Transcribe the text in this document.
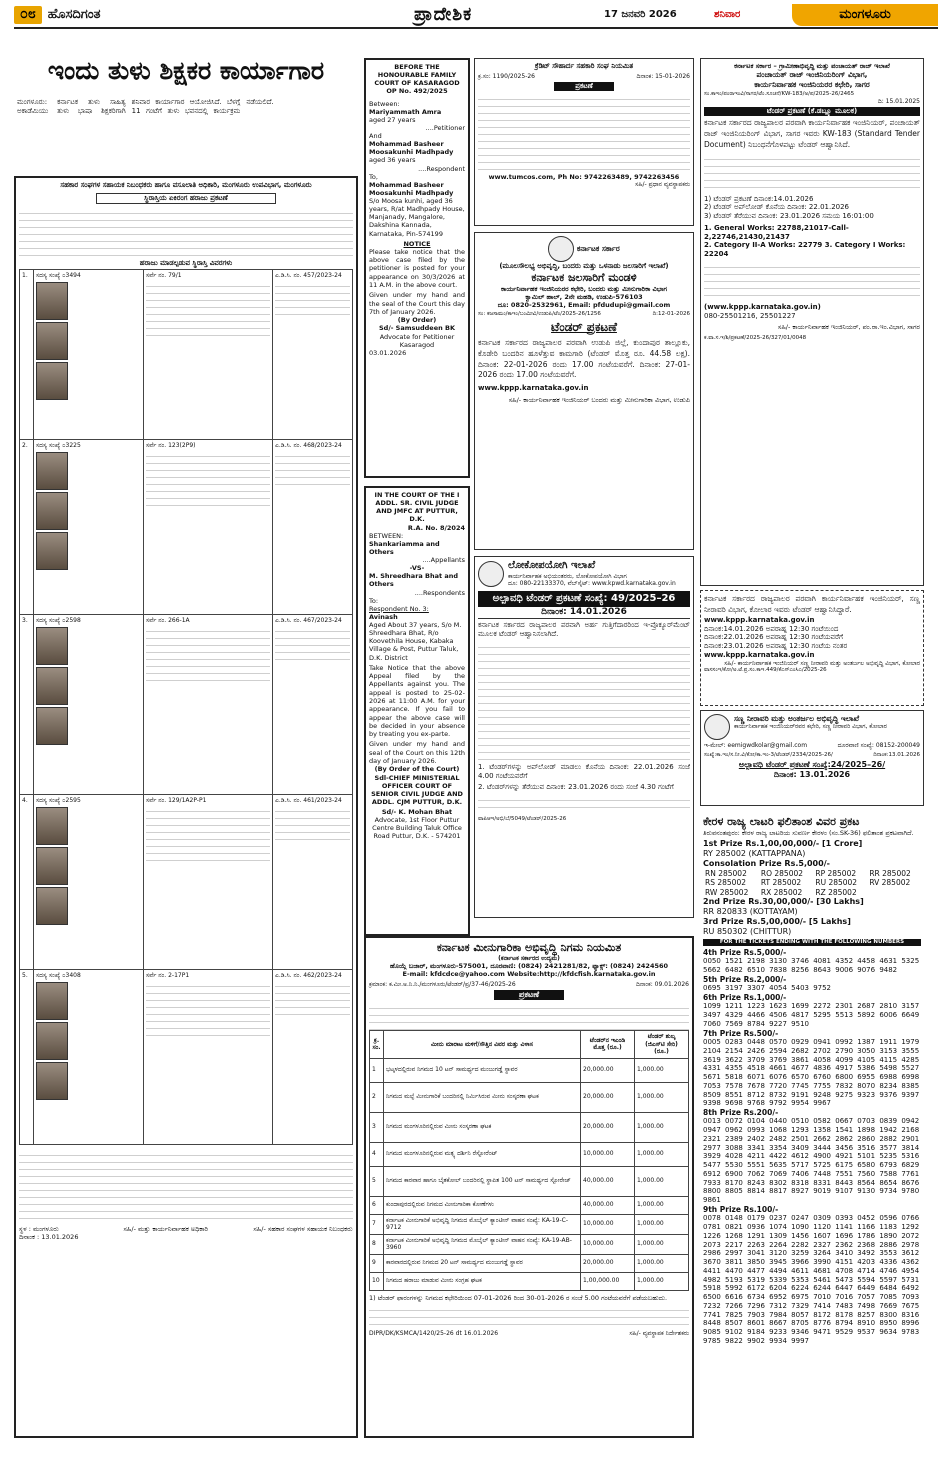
೦೮ ಹೊಸದಿಗಂತ	ಪ್ರಾದೇಶಿಕ	17 ಜನವರಿ 2026	ಶನಿವಾರ	ಮಂಗಳೂರು
ಇಂದು ತುಳು ಶಿಕ್ಷಕರ ಕಾರ್ಯಾಗಾರ
ಮಂಗಳೂರು: ಕರ್ನಾಟಕ ತುಳು ಸಾಹಿತ್ಯ ಅಕಾಡೆಮಿಯು ತುಳು ಭಾಷಾ ಶಿಕ್ಷಕರಿಗಾಗಿ ಶನಿವಾರ ಕಾರ್ಯಾಗಾರ ಆಯೋಜಿಸಿದೆ. ಬೆಳಗ್ಗೆ 11 ಗಂಟೆಗೆ ತುಳು ಭವನದಲ್ಲಿ ಕಾರ್ಯಕ್ರಮ ನಡೆಯಲಿದೆ.
ಸಹಕಾರ ಸಂಘಗಳ ಸಹಾಯಕ ನಿಬಂಧಕರು ಹಾಗೂ ವಸೂಲಾತಿ ಅಧಿಕಾರಿ, ಮಂಗಳೂರು ಉಪವಿಭಾಗ, ಮಂಗಳೂರು
ಸ್ಥಿರಾಸ್ತಿಯ ಏಕಿರಂಗ ಹರಾಜು ಪ್ರಕಟಣೆ
ಹರಾಜು ಮಾಡಲ್ಪಡುವ ಸ್ಥಿರಾಸ್ತಿ ವಿವರಗಳು
1.	ಸದಸ್ಯ ಸಂಖ್ಯೆ ೦3494	ಸರ್ವೆ ನಂ. 79/1	ಎ.ಡಿ.ಸಿ. ನಂ. 457/2023-24

2.	ಸದಸ್ಯ ಸಂಖ್ಯೆ ೦3225	ಸರ್ವೆ ನಂ. 123(2P9)	ಎ.ಡಿ.ಸಿ. ನಂ. 468/2023-24

3.	ಸದಸ್ಯ ಸಂಖ್ಯೆ ೦2598	ಸರ್ವೆ ನಂ. 266-1A	ಎ.ಡಿ.ಸಿ. ನಂ. 467/2023-24

4.	ಸದಸ್ಯ ಸಂಖ್ಯೆ ೦2595	ಸರ್ವೆ ನಂ. 129/1A2P-P1	ಎ.ಡಿ.ಸಿ. ನಂ. 461/2023-24

5.	ಸದಸ್ಯ ಸಂಖ್ಯೆ ೦3408	ಸರ್ವೆ ನಂ. 2-17P1	ಎ.ಡಿ.ಸಿ. ನಂ. 462/2023-24
ಸ್ಥಳ : ಮಂಗಳೂರು
ದಿನಾಂಕ : 13.01.2026
ಸಹಿ/- ಮತ್ತು ಕಾರ್ಯನಿರ್ವಾಹಕ ಅಧಿಕಾರಿ	ಸಹಿ/- ಸಹಕಾರ ಸಂಘಗಳ ಸಹಾಯಕ ನಿಬಂಧಕರು
BEFORE THE HONOURABLE FAMILY COURT OF KASARAGOD
OP No. 492/2025
Between:
Mariyammath Amra
aged 27 years
....Petitioner
And
Mohammad Basheer Moosakunhi Madhpady
aged 36 years
....Respondent
To,
Mohammad Basheer Moosakunhi Madhpady
S/o Moosa kunhi, aged 36 years, R/at Madhpady House, Manjanady, Mangalore, Dakshina Kannada, Karnataka, Pin-574199
NOTICE
Please take notice that the above case filed by the petitioner is posted for your appearance on 30/3/2026 at 11 A.M. in the above court.
Given under my hand and the seal of the Court this day 7th of January 2026.
(By Order)
Sd/- Samsuddeen BK
Advocate for Petitioner Kasaragod
03.01.2026
IN THE COURT OF THE I ADDL. SR. CIVIL JUDGE AND JMFC AT PUTTUR, D.K.
R.A. No. 8/2024
BETWEEN:
Shankariamma and Others
....Appellants
-VS-
M. Shreedhara Bhat and Others
....Respondents
To:
Respondent No. 3:
Avinash
Aged About 37 years, S/o M. Shreedhara Bhat, R/o Koovethila House, Kabaka Village & Post, Puttur Taluk, D.K. District
Take Notice that the above Appeal filed by the Appellants against you. The appeal is posted to 25-02-2026 at 11:00 A.M. for your appearance. If you fail to appear the above case will be decided in your absence by treating you ex-parte.
Given under my hand and seal of the Court on this 12th day of January 2026.
(By Order of the Court)
Sdl-CHIEF MINISTERIAL OFFICER COURT OF SENIOR CIVIL JUDGE AND ADDL. CJM PUTTUR, D.K.
Sd/- K. Mohan Bhat
Advocate, 1st Floor Puttur Centre Building Taluk Office Road Puttur, D.K. - 574201
ಕ್ರೆಡಿಟ್ ಸೌಹಾರ್ದ ಸಹಕಾರಿ ಸಂಘ ನಿಯಮಿತ
ಕ್ರ.ಸಂ: 1190/2025-26	ದಿನಾಂಕ: 15-01-2026
ಪ್ರಕಟಣೆ
www.tumcos.com, Ph No: 9742263489, 9742263456
ಸಹಿ/- ಪ್ರಧಾನ ವ್ಯವಸ್ಥಾಪಕರು
ಕರ್ನಾಟಕ ಸರ್ಕಾರ
(ಮೂಲಸೌಲಭ್ಯ ಅಭಿವೃದ್ಧಿ, ಬಂದರು ಮತ್ತು ಒಳನಾಡು ಜಲಸಾರಿಗೆ ಇಲಾಖೆ)
ಕರ್ನಾಟಕ ಜಲಸಾರಿಗೆ ಮಂಡಳಿ
ಕಾರ್ಯನಿರ್ವಾಹಕ ಇಂಜಿನಿಯರರ ಕಛೇರಿ, ಬಂದರು ಮತ್ತು ಮೀನುಗಾರಿಕಾ ವಿಭಾಗ
ಕ್ವಾಮಿಲ್ ಹಾಲ್, 2ನೇ ಮಹಡಿ, ಉಡುಪಿ-576103
ದೂ: 0820-2532961, Email: pfdudupi@gmail.com
ಸಂ: ಕಜಸಾಮಂ/ಕಾಇಂ/ಬಂಮೀವಿ/ಉಡುಪಿ/ಟೆಂ/2025-26/1256	ದಿ:12-01-2026
ಟೆಂಡರ್ ಪ್ರಕಟಣೆ
ಕರ್ನಾಟಕ ಸರ್ಕಾರದ ರಾಜ್ಯಪಾಲರ ಪರವಾಗಿ ಉಡುಪಿ ಜಿಲ್ಲೆ, ಕುಂದಾಪುರ ತಾಲ್ಲೂಕು, ಕೊಡೇರಿ ಬಂದರಿನ ಹೂಳೆತ್ತುವ ಕಾಮಗಾರಿ (ಟೆಂಡರ್ ಮೊತ್ತ ರೂ. 44.58 ಲಕ್ಷ). ದಿನಾಂಕ: 22-01-2026 ರಂದು 17.00 ಗಂಟೆಯವರೆಗೆ. ದಿನಾಂಕ: 27-01-2026 ರಂದು 17.00 ಗಂಟೆಯವರೆಗೆ.
www.kppp.karnataka.gov.in
ಸಹಿ/- ಕಾರ್ಯನಿರ್ವಾಹಕ ಇಂಜಿನಿಯರ್ ಬಂದರು ಮತ್ತು ಮೀನುಗಾರಿಕಾ ವಿಭಾಗ, ಉಡುಪಿ
ಲೋಕೋಪಯೋಗಿ ಇಲಾಖೆ
ಕಾರ್ಯನಿರ್ವಾಹಕ ಅಭಿಯಂತರರು, ಲೋಕೋಪಯೋಗಿ ವಿಭಾಗ
ದೂ: 080-22133370, ವೆಬ್‌ಸೈಟ್: www.kpwd.karnataka.gov.in
ಅಲ್ಪಾವಧಿ ಟೆಂಡರ್ ಪ್ರಕಟಣೆ ಸಂಖ್ಯೆ: 49/2025–26
ದಿನಾಂಕ: 14.01.2026
ಕರ್ನಾಟಕ ಸರ್ಕಾರದ ರಾಜ್ಯಪಾಲರ ಪರವಾಗಿ ಅರ್ಹ ಗುತ್ತಿಗೆದಾರರಿಂದ ಇ-ಪ್ರೊಕ್ಯೂರ್‌ಮೆಂಟ್ ಮೂಲಕ ಟೆಂಡರ್ ಆಹ್ವಾನಿಸಲಾಗಿದೆ.
1. ಟೆಂಡರ್‌ಗಳನ್ನು ಅಪ್‌ಲೋಡ್ ಮಾಡಲು ಕೊನೆಯ ದಿನಾಂಕ: 22.01.2026 ಸಂಜೆ 4.00 ಗಂಟೆಯವರೆಗೆ
2. ಟೆಂಡರ್‌ಗಳನ್ನು ತೆರೆಯುವ ದಿನಾಂಕ: 23.01.2026 ರಂದು ಸಂಜೆ 4.30 ಗಂಟೆಗೆ
ವಾಪಿಆಇ/ಅಭಿ/ಬೆ/5049/ಟೆಂಡರ್/2025-26
ಕರ್ನಾಟಕ ಮೀನುಗಾರಿಕಾ ಅಭಿವೃದ್ಧಿ ನಿಗಮ ನಿಯಮಿತ
(ಕರ್ನಾಟಕ ಸರ್ಕಾರದ ಉದ್ಯಮ)
ಹೊಯ್ಗೆ ಬಜಾರ್, ಮಂಗಳೂರು-575001, ದೂರವಾಣಿ: (0824) 2421281/82, ಫ್ಯಾಕ್ಸ್: (0824) 2424560
E-mail: kfdcdce@yahoo.com Website:http://kfdcfish.karnataka.gov.in
ಕ್ರಮಾಂಕ: ಕ.ಮೀ.ಅ.ನಿ.ನಿ./ಮಂಗಳೂರು/ಟೆಂಡರ್/ಪ್ರ/37-46/2025-26	ದಿನಾಂಕ: 09.01.2026
ಪ್ರಕಟಣೆ
ಕ್ರ. ಸಂ.	ಮೀನು ಮಾರಾಟ ಮಳಿಗೆ/ಸೌತ್ತಿನ ವಿವರ ಮತ್ತು ವಿಳಾಸ	ಟೆಂಡರ್‌ನ ಇಎಂಡಿ ಮೊತ್ತ (ರೂ.)	ಟೆಂಡರ್ ಶುಲ್ಕ (ಜಿಎಸ್‌ಟಿ ಸೇರಿ) (ರೂ.)
1	ಭಟ್ಕಳದಲ್ಲಿರುವ ನಿಗಮದ 10 ಟನ್ ಸಾಮರ್ಥ್ಯದ ಮಂಜುಗಡ್ಡೆ ಸ್ಥಾವರ	20,000.00	1,000.00
2	ನಿಗಮದ ಮಲ್ಪೆ ಮೀನುಗಾರಿಕೆ ಬಂದರಿನಲ್ಲಿ ನಿರ್ಮಿಸಿರುವ ಮೀನು ಸಂಸ್ಕರಣಾ ಘಟಕ	20,000.00	1,000.00
3	ನಿಗಮದ ಮಂಗಳೂರಿನಲ್ಲಿರುವ ಮೀನು ಸಂಸ್ಕರಣಾ ಘಟಕ	20,000.00	1,000.00
4	ನಿಗಮದ ಮಂಗಳೂರಿನಲ್ಲಿರುವ ಮತ್ಸ್ಯ ದರ್ಶಿನಿ ರೆಸ್ಟೋರೆಂಟ್	10,000.00	1,000.00
5	ನಿಗಮದ ಕಾರವಾರ ಹಾಗೂ ಬೈತಕೋಲ್ ಬಂದರಿನಲ್ಲಿ ಸ್ಥಾಪಿತ 100 ಟನ್ ಸಾಮರ್ಥ್ಯದ ಸ್ಟೋರೇಜ್	40,000.00	1,000.00
6	ಕುಂದಾಪುರದಲ್ಲಿರುವ ನಿಗಮದ ಮೀನುಗಾರಿಕಾ ಕೋಣೆಗಳು	40,000.00	1,000.00
7	ಕರ್ನಾಟಕ ಮೀನುಗಾರಿಕೆ ಅಭಿವೃದ್ಧಿ ನಿಗಮದ ಮೊಬೈಲ್ ಕ್ಯಾಂಟೀನ್ ವಾಹನ ಸಂಖ್ಯೆ: KA-19-C-9712	10,000.00	1,000.00
8	ಕರ್ನಾಟಕ ಮೀನುಗಾರಿಕೆ ಅಭಿವೃದ್ಧಿ ನಿಗಮದ ಮೊಬೈಲ್ ಕ್ಯಾಂಟೀನ್ ವಾಹನ ಸಂಖ್ಯೆ: KA-19-AB-3960	10,000.00	1,000.00
9	ಕಾರವಾರದಲ್ಲಿರುವ ನಿಗಮದ 20 ಟನ್ ಸಾಮರ್ಥ್ಯದ ಮಂಜುಗಡ್ಡೆ ಸ್ಥಾವರ	20,000.00	1,000.00
10	ನಿಗಮದ ಹರಾಜು ಮಾಡುವ ಮೀನು ಸಂಗ್ರಹ ಘಟಕ	1,00,000.00	1,000.00
1) ಟೆಂಡರ್ ಫಾರಂಗಳನ್ನು ನಿಗಮದ ಕಛೇರಿಯಿಂದ 07-01-2026 ರಿಂದ 30-01-2026 ರ ಸಂಜೆ 5.00 ಗಂಟೆಯವರೆಗೆ ಪಡೆಯಬಹುದು.
DIPR/DK/KSMCA/1420/25-26 dt 16.01.2026	ಸಹಿ/- ವ್ಯವಸ್ಥಾಪಕ ನಿರ್ದೇಶಕರು
ಕರ್ನಾಟಕ ಸರ್ಕಾರ – ಗ್ರಾಮೀಣಾಭಿವೃದ್ಧಿ ಮತ್ತು ಪಂಚಾಯತ್ ರಾಜ್ ಇಲಾಖೆ
ಪಂಚಾಯತ್ ರಾಜ್ ಇಂಜಿನಿಯರಿಂಗ್ ವಿಭಾಗ,
ಕಾರ್ಯನಿರ್ವಾಹಕ ಇಂಜಿನಿಯರರ ಕಛೇರಿ, ಸಾಗರ
ಸಂ.ಕಾಇಂ/ಪಂರಾಇಂವಿ/ಸಾಗರ/ಟೆಂ.ಸೂಚನೆ/KW-183/ಅ/ಪ/2025-26/2465
ದಿ: 15.01.2025
ಟೆಂಡರ್ ಪ್ರಕಟಣೆ (ಕೆ.ಡಬ್ಲ್ಯೂ ಮೂಲಕ)
ಕರ್ನಾಟಕ ಸರ್ಕಾರದ ರಾಜ್ಯಪಾಲರ ಪರವಾಗಿ ಕಾರ್ಯನಿರ್ವಾಹಕ ಇಂಜಿನಿಯರ್, ಪಂಚಾಯತ್ ರಾಜ್ ಇಂಜಿನಿಯರಿಂಗ್ ವಿಭಾಗ, ಸಾಗರ ಇವರು KW-183 (Standard Tender Document) ನಿಬಂಧನೆಗೊಳಪಟ್ಟು ಟೆಂಡರ್ ಆಹ್ವಾನಿಸಿದೆ.
1) ಟೆಂಡರ್ ಪ್ರಕಟಣೆ ದಿನಾಂಕ:14.01.2026
2) ಟೆಂಡರ್ ಅಪ್‌ಲೋಡ್ ಕೊನೆಯ ದಿನಾಂಕ: 22.01.2026
3) ಟೆಂಡರ್ ತೆರೆಯುವ ದಿನಾಂಕ: 23.01.2026 ಸಮಯ 16:01:00
1. General Works: 22788,21017-Call-2,22746,21430,21437
2. Category II-A Works: 22779 3. Category I Works: 22204
(www.kppp.karnataka.gov.in)
080-25501216, 25501227
ಸಹಿ/- ಕಾರ್ಯನಿರ್ವಾಹಕ ಇಂಜಿನಿಯರ್, ಪಂ.ರಾ.ಇಂ.ವಿಭಾಗ, ಸಾಗರ
ಕ.ವಾ.ಸ.ಇ/ಶಿ/ಪ್ರಕಟಣೆ/2025-26/327/01/0048
ಸಣ್ಣ ನೀರಾವರಿ ಮತ್ತು ಅಂತರ್ಜಲ ಅಭಿವೃದ್ಧಿ ಇಲಾಖೆ
ಕಾರ್ಯನಿರ್ವಾಹಕ ಇಂಜಿನಿಯರ್‌ರವರ ಕಛೇರಿ, ಸಣ್ಣ ನೀರಾವರಿ ವಿಭಾಗ, ಕೋಲಾರ
ಇ-ಮೇಲ್: eemigwdkolar@gmail.com	ದೂರವಾಣಿ ಸಂಖ್ಯೆ: 08152-200049
ಸಂಖ್ಯೆ:ಕಾ.ಇಂ/ಸ.ನೀ.ವಿ/ಕೋ/ಕಾ.ಇಂ-3/ಟೆಂಡರ್/2334/2025-26/	ದಿನಾಂಕ:13.01.2026
ಅಲ್ಪಾವಧಿ ಟೆಂಡರ್ ಪ್ರಕಟಣೆ ಸಂಖ್ಯೆ:24/2025–26/
ದಿನಾಂಕ: 13.01.2026
ಕರ್ನಾಟಕ ಸರ್ಕಾರದ ರಾಜ್ಯಪಾಲರ ಪರವಾಗಿ ಕಾರ್ಯನಿರ್ವಾಹಕ ಇಂಜಿನಿಯರ್, ಸಣ್ಣ ನೀರಾವರಿ ವಿಭಾಗ, ಕೋಲಾರ ಇವರು ಟೆಂಡರ್ ಆಹ್ವಾನಿಸಿದ್ದಾರೆ.
www.kppp.karnataka.gov.in
ದಿನಾಂಕ:14.01.2026 ಅಪರಾಹ್ನ 12:30 ಗಂಟೆಯಿಂದ
ದಿನಾಂಕ:22.01.2026 ಅಪರಾಹ್ನ 12:30 ಗಂಟೆಯವರೆಗೆ
ದಿನಾಂಕ:23.01.2026 ಅಪರಾಹ್ನ 12:30 ಗಂಟೆಯ ನಂತರ
www.kppp.karnataka.gov.in
ಸಹಿ/- ಕಾರ್ಯನಿರ್ವಾಹಕ ಇಂಜಿನಿಯರ್ ಸಣ್ಣ ನೀರಾವರಿ ಮತ್ತು ಅಂತರ್ಜಲ ಅಭಿವೃದ್ಧಿ ವಿಭಾಗ, ಕೋಲಾರ
ವಾಸಸಂಇ/ಕೋ/ಅ.ಟೆ.ಪ್ರ.ಸಂ.ಕಾಇ.449/ಕೆಎಸ್ಎಂಸಿಎ/2025-26
ಕೇರಳ ರಾಜ್ಯ ಲಾಟರಿ ಫಲಿತಾಂಶ ವಿವರ ಪ್ರಕಟ
ತಿರುವನಂತಪುರಂ: ಕೇರಳ ರಾಜ್ಯ ಲಾಟರಿಯ ಸುವರ್ಣ ಕೇರಳಂ (ಸಂ.SK-36) ಫಲಿತಾಂಶ ಪ್ರಕಟವಾಗಿದೆ.
1st Prize Rs.1,00,00,000/- [1 Crore]
RY 285002 (KATTAPPANA)
Consolation Prize Rs.5,000/-
RN 285002	RO 285002	RP 285002	RR 285002
RS 285002	RT 285002	RU 285002	RV 285002
RW 285002	RX 285002	RZ 285002	
2nd Prize Rs.30,00,000/- [30 Lakhs]
RR 820833 (KOTTAYAM)
3rd Prize Rs.5,00,000/- [5 Lakhs]
RU 850302 (CHITTUR)
FOR THE TICKETS ENDING WITH THE FOLLOWING NUMBERS
4th Prize Rs.5,000/-
0050 1521 2198 3130 3746 4081 4352 4458 4631 5325 5662 6482 6510 7838 8256 8643 9006 9076 9482
5th Prize Rs.2,000/-
0695 3197 3307 4054 5403 9752
6th Prize Rs.1,000/-
1099 1211 1223 1623 1699 2272 2301 2687 2810 3157 3497 4329 4466 4506 4817 5295 5513 5892 6006 6649 7060 7569 8784 9227 9510
7th Prize Rs.500/-
0005 0283 0448 0570 0929 0941 0992 1387 1911 1979 2104 2154 2426 2594 2682 2702 2790 3050 3153 3555 3619 3622 3709 3769 3861 4058 4099 4105 4115 4285 4331 4355 4518 4661 4677 4836 4917 5386 5498 5527 5671 5818 6071 6076 6570 6760 6800 6955 6988 6998 7053 7578 7678 7720 7745 7755 7832 8070 8234 8385 8509 8551 8712 8732 9191 9248 9275 9323 9376 9397 9398 9698 9768 9792 9954 9967
8th Prize Rs.200/-
0013 0072 0104 0440 0510 0582 0667 0703 0839 0942 0947 0962 0993 1068 1293 1358 1541 1898 1942 2168 2321 2389 2402 2482 2501 2662 2862 2860 2882 2901 2977 3088 3341 3354 3409 3444 3456 3516 3577 3814 3929 4028 4211 4422 4612 4900 4921 5101 5235 5316 5477 5530 5551 5635 5717 5725 6175 6580 6793 6829 6912 6900 7062 7069 7406 7448 7551 7560 7588 7761 7933 8170 8243 8302 8318 8331 8443 8564 8654 8676 8800 8805 8814 8817 8927 9019 9107 9130 9734 9780 9861
9th Prize Rs.100/-
0078 0148 0179 0237 0247 0309 0393 0452 0596 0766 0781 0821 0936 1074 1090 1120 1141 1166 1183 1292 1226 1268 1291 1309 1456 1607 1696 1786 1890 2072 2073 2217 2263 2264 2282 2327 2362 2368 2886 2978 2986 2997 3041 3120 3259 3264 3410 3492 3553 3612 3670 3811 3850 3945 3966 3990 4151 4203 4336 4362 4411 4470 4477 4494 4611 4681 4708 4714 4746 4954 4982 5193 5319 5339 5353 5461 5473 5594 5597 5731 5918 5992 6172 6204 6224 6244 6447 6449 6484 6492 6500 6616 6734 6952 6975 7010 7016 7057 7085 7093 7232 7266 7296 7312 7329 7414 7483 7498 7669 7675 7741 7825 7903 7984 8057 8172 8178 8257 8300 8316 8448 8507 8601 8667 8705 8776 8794 8910 8950 8996 9085 9102 9184 9233 9346 9471 9529 9537 9634 9783 9785 9822 9902 9934 9997
